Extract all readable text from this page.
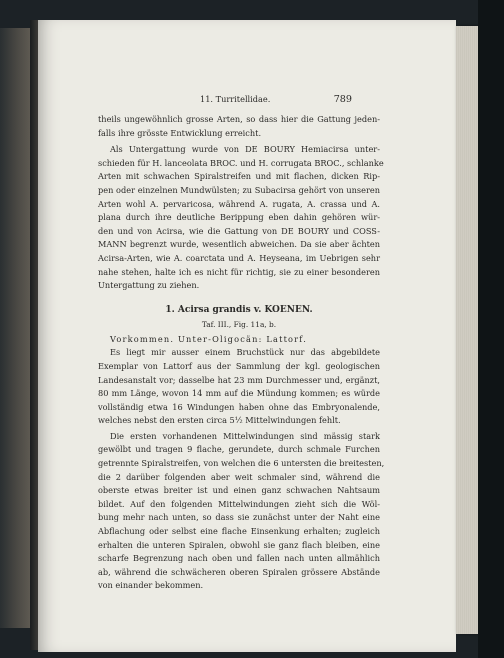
11. Turritellidae.	789
theils ungewöhnlich grosse Arten, so dass hier die Gattung jeden-
falls ihre grösste Entwicklung erreicht.
Als Untergattung wurde von DE BOURY Hemiacirsa unter-
schieden für H. lanceolata BROC. und H. corrugata BROC., schlanke
Arten mit schwachen Spiralstreifen und mit flachen, dicken Rip-
pen oder einzelnen Mundwülsten; zu Subacirsa gehört von unseren
Arten wohl A. pervaricosa, während A. rugata, A. crassa und A.
plana durch ihre deutliche Berippung eben dahin gehören wür-
den und von Acirsa, wie die Gattung von DE BOURY und COSS-
MANN begrenzt wurde, wesentlich abweichen. Da sie aber ächten
Acirsa-Arten, wie A. coarctata und A. Heyseana, im Uebrigen sehr
nahe stehen, halte ich es nicht für richtig, sie zu einer besonderen
Untergattung zu ziehen.
1. Acirsa grandis v. KOENEN.
Taf. III., Fig. 11a, b.
Vorkommen. Unter-Oligocän: Lattorf.
Es liegt mir ausser einem Bruchstück nur das abgebildete
Exemplar von Lattorf aus der Sammlung der kgl. geologischen
Landesanstalt vor; dasselbe hat 23 mm Durchmesser und, ergänzt,
80 mm Länge, wovon 14 mm auf die Mündung kommen; es würde
vollständig etwa 16 Windungen haben ohne das Embryonalende,
welches nebst den ersten circa 5½ Mittelwindungen fehlt.
Die ersten vorhandenen Mittelwindungen sind mässig stark
gewölbt und tragen 9 flache, gerundete, durch schmale Furchen
getrennte Spiralstreifen, von welchen die 6 untersten die breitesten,
die 2 darüber folgenden aber weit schmaler sind, während die
oberste etwas breiter ist und einen ganz schwachen Nahtsaum
bildet. Auf den folgenden Mittelwindungen zieht sich die Wöl-
bung mehr nach unten, so dass sie zunächst unter der Naht eine
Abflachung oder selbst eine flache Einsenkung erhalten; zugleich
erhalten die unteren Spiralen, obwohl sie ganz flach bleiben, eine
scharfe Begrenzung nach oben und fallen nach unten allmählich
ab, während die schwächeren oberen Spiralen grössere Abstände
von einander bekommen.
